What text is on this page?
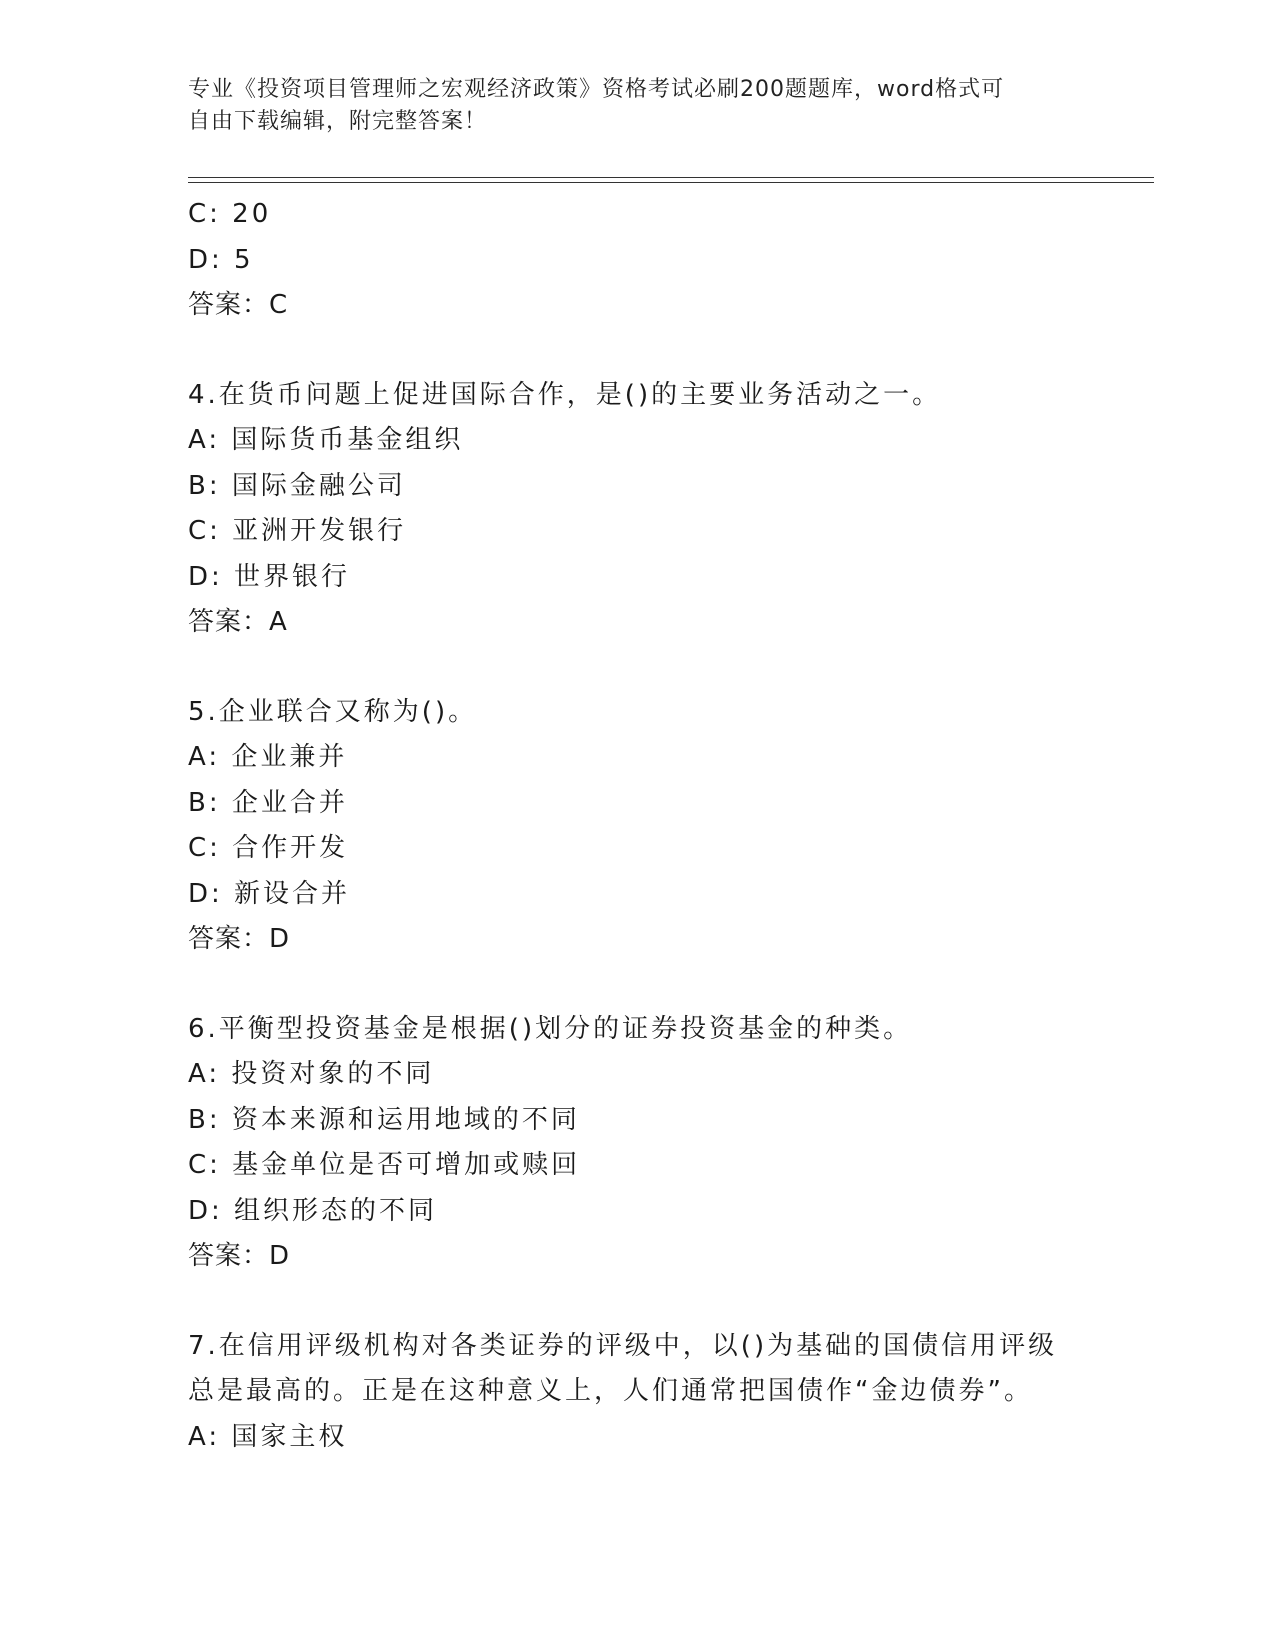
专业《投资项目管理师之宏观经济政策》资格考试必刷200题题库，word格式可
自由下载编辑，附完整答案！
C: 20
D: 5
答案：C
4.在货币问题上促进国际合作，是()的主要业务活动之一。
A: 国际货币基金组织
B: 国际金融公司
C: 亚洲开发银行
D: 世界银行
答案：A
5.企业联合又称为()。
A: 企业兼并
B: 企业合并
C: 合作开发
D: 新设合并
答案：D
6.平衡型投资基金是根据()划分的证券投资基金的种类。
A: 投资对象的不同
B: 资本来源和运用地域的不同
C: 基金单位是否可增加或赎回
D: 组织形态的不同
答案：D
7.在信用评级机构对各类证券的评级中，以()为基础的国债信用评级
总是最高的。正是在这种意义上，人们通常把国债作“金边债券”。
A: 国家主权
